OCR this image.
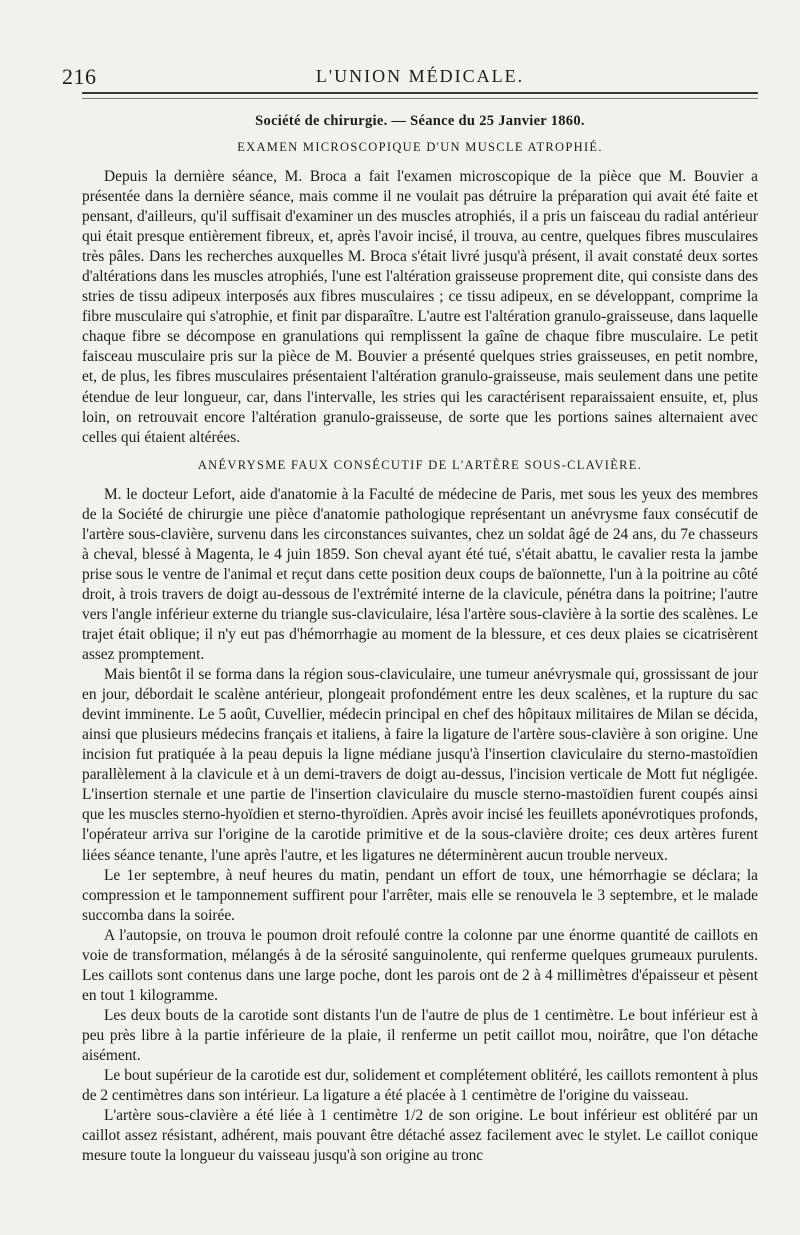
216	L'UNION MÉDICALE.
Société de chirurgie. — Séance du 25 Janvier 1860.
EXAMEN MICROSCOPIQUE D'UN MUSCLE ATROPHIÉ.

Depuis la dernière séance, M. Broca a fait l'examen microscopique de la pièce que M. Bouvier a présentée dans la dernière séance, mais comme il ne voulait pas détruire la préparation qui avait été faite et pensant, d'ailleurs, qu'il suffisait d'examiner un des muscles atrophiés, il a pris un faisceau du radial antérieur qui était presque entièrement fibreux, et, après l'avoir incisé, il trouva, au centre, quelques fibres musculaires très pâles. Dans les recherches auxquelles M. Broca s'était livré jusqu'à présent, il avait constaté deux sortes d'altérations dans les muscles atrophiés, l'une est l'altération graisseuse proprement dite, qui consiste dans des stries de tissu adipeux interposés aux fibres musculaires ; ce tissu adipeux, en se développant, comprime la fibre musculaire qui s'atrophie, et finit par disparaître. L'autre est l'altération granulo-graisseuse, dans laquelle chaque fibre se décompose en granulations qui remplissent la gaîne de chaque fibre musculaire. Le petit faisceau musculaire pris sur la pièce de M. Bouvier a présenté quelques stries graisseuses, en petit nombre, et, de plus, les fibres musculaires présentaient l'altération granulo-graisseuse, mais seulement dans une petite étendue de leur longueur, car, dans l'intervalle, les stries qui les caractérisent reparaissaient ensuite, et, plus loin, on retrouvait encore l'altération granulo-graisseuse, de sorte que les portions saines alternaient avec celles qui étaient altérées.

ANÉVRYSME FAUX CONSÉCUTIF DE L'ARTÈRE SOUS-CLAVIÈRE.

M. le docteur Lefort, aide d'anatomie à la Faculté de médecine de Paris, met sous les yeux des membres de la Société de chirurgie une pièce d'anatomie pathologique représentant un anévrysme faux consécutif de l'artère sous-clavière, survenu dans les circonstances suivantes, chez un soldat âgé de 24 ans, du 7e chasseurs à cheval, blessé à Magenta, le 4 juin 1859. Son cheval ayant été tué, s'était abattu, le cavalier resta la jambe prise sous le ventre de l'animal et reçut dans cette position deux coups de baïonnette, l'un à la poitrine au côté droit, à trois travers de doigt au-dessous de l'extrémité interne de la clavicule, pénétra dans la poitrine; l'autre vers l'angle inférieur externe du triangle sus-claviculaire, lésa l'artère sous-clavière à la sortie des scalènes. Le trajet était oblique; il n'y eut pas d'hémorrhagie au moment de la blessure, et ces deux plaies se cicatrisèrent assez promptement.

Mais bientôt il se forma dans la région sous-claviculaire, une tumeur anévrysmale qui, grossissant de jour en jour, débordait le scalène antérieur, plongeait profondément entre les deux scalènes, et la rupture du sac devint imminente. Le 5 août, Cuvellier, médecin principal en chef des hôpitaux militaires de Milan se décida, ainsi que plusieurs médecins français et italiens, à faire la ligature de l'artère sous-clavière à son origine. Une incision fut pratiquée à la peau depuis la ligne médiane jusqu'à l'insertion claviculaire du sterno-mastoïdien parallèlement à la clavicule et à un demi-travers de doigt au-dessus, l'incision verticale de Mott fut négligée. L'insertion sternale et une partie de l'insertion claviculaire du muscle sterno-mastoïdien furent coupés ainsi que les muscles sterno-hyoïdien et sterno-thyroïdien. Après avoir incisé les feuillets aponévrotiques profonds, l'opérateur arriva sur l'origine de la carotide primitive et de la sous-clavière droite; ces deux artères furent liées séance tenante, l'une après l'autre, et les ligatures ne déterminèrent aucun trouble nerveux.

Le 1er septembre, à neuf heures du matin, pendant un effort de toux, une hémorrhagie se déclara; la compression et le tamponnement suffirent pour l'arrêter, mais elle se renouvela le 3 septembre, et le malade succomba dans la soirée.

A l'autopsie, on trouva le poumon droit refoulé contre la colonne par une énorme quantité de caillots en voie de transformation, mélangés à de la sérosité sanguinolente, qui renferme quelques grumeaux purulents. Les caillots sont contenus dans une large poche, dont les parois ont de 2 à 4 millimètres d'épaisseur et pèsent en tout 1 kilogramme.

Les deux bouts de la carotide sont distants l'un de l'autre de plus de 1 centimètre. Le bout inférieur est à peu près libre à la partie inférieure de la plaie, il renferme un petit caillot mou, noirâtre, que l'on détache aisément.

Le bout supérieur de la carotide est dur, solidement et complétement oblitéré, les caillots remontent à plus de 2 centimètres dans son intérieur. La ligature a été placée à 1 centimètre de l'origine du vaisseau.

L'artère sous-clavière a été liée à 1 centimètre 1/2 de son origine. Le bout inférieur est oblitéré par un caillot assez résistant, adhérent, mais pouvant être détaché assez facilement avec le stylet. Le caillot conique mesure toute la longueur du vaisseau jusqu'à son origine au tronc
